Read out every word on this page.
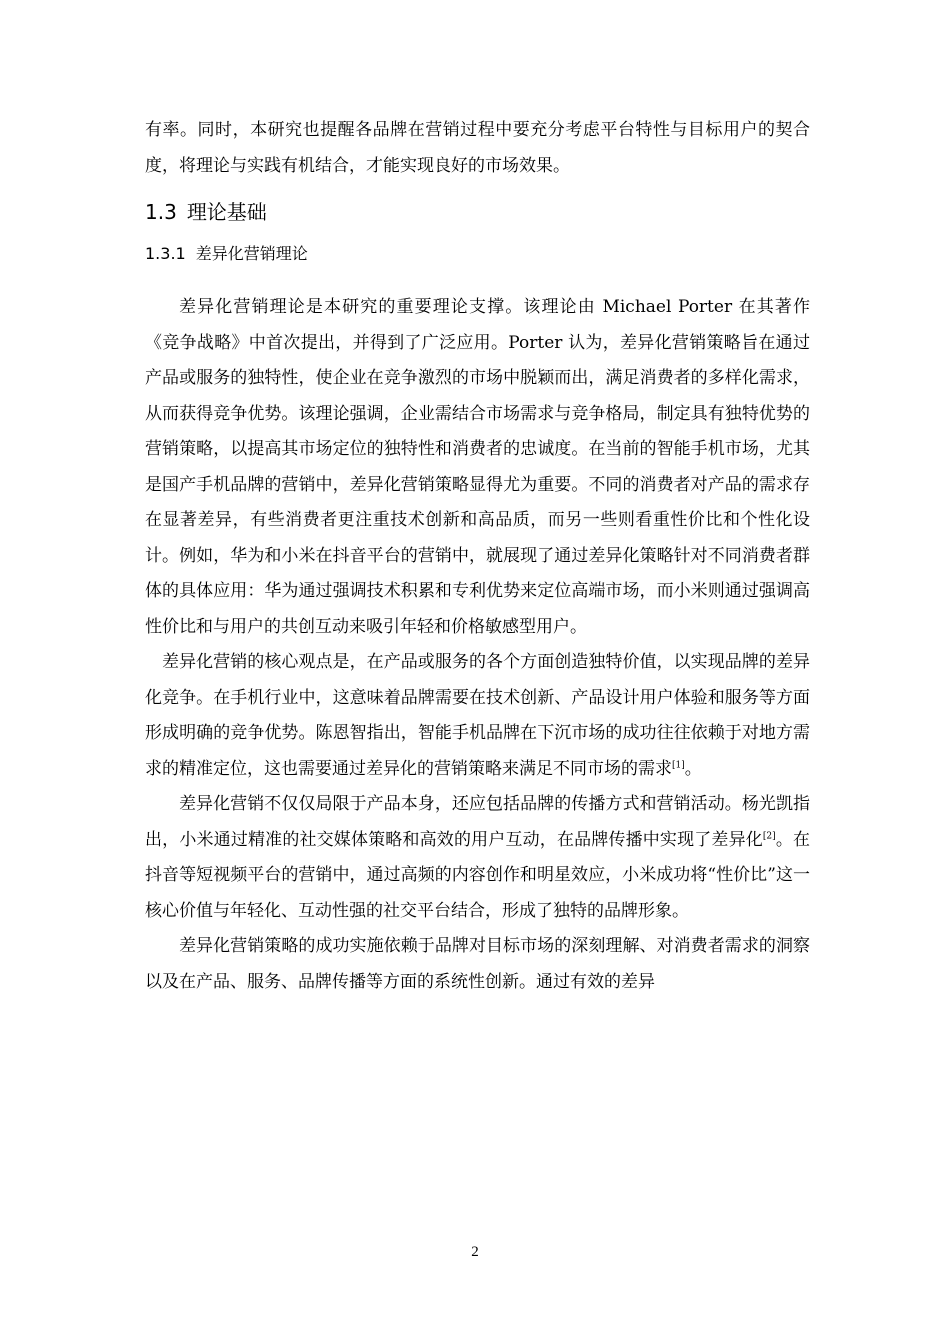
有率。同时，本研究也提醒各品牌在营销过程中要充分考虑平台特性与目标用户的契合度，将理论与实践有机结合，才能实现良好的市场效果。

1.3 理论基础
1.3.1 差异化营销理论

差异化营销理论是本研究的重要理论支撑。该理论由 Michael Porter 在其著作《竞争战略》中首次提出，并得到了广泛应用。Porter 认为，差异化营销策略旨在通过产品或服务的独特性，使企业在竞争激烈的市场中脱颖而出，满足消费者的多样化需求，从而获得竞争优势。该理论强调，企业需结合市场需求与竞争格局，制定具有独特优势的营销策略，以提高其市场定位的独特性和消费者的忠诚度。在当前的智能手机市场，尤其是国产手机品牌的营销中，差异化营销策略显得尤为重要。不同的消费者对产品的需求存在显著差异，有些消费者更注重技术创新和高品质，而另一些则看重性价比和个性化设计。例如，华为和小米在抖音平台的营销中，就展现了通过差异化策略针对不同消费者群体的具体应用：华为通过强调技术积累和专利优势来定位高端市场，而小米则通过强调高性价比和与用户的共创互动来吸引年轻和价格敏感型用户。

差异化营销的核心观点是，在产品或服务的各个方面创造独特价值，以实现品牌的差异化竞争。在手机行业中，这意味着品牌需要在技术创新、产品设计用户体验和服务等方面形成明确的竞争优势。陈恩智指出，智能手机品牌在下沉市场的成功往往依赖于对地方需求的精准定位，这也需要通过差异化的营销策略来满足不同市场的需求[1]。

差异化营销不仅仅局限于产品本身，还应包括品牌的传播方式和营销活动。杨光凯指出，小米通过精准的社交媒体策略和高效的用户互动，在品牌传播中实现了差异化[2]。在抖音等短视频平台的营销中，通过高频的内容创作和明星效应，小米成功将“性价比”这一核心价值与年轻化、互动性强的社交平台结合，形成了独特的品牌形象。

差异化营销策略的成功实施依赖于品牌对目标市场的深刻理解、对消费者需求的洞察以及在产品、服务、品牌传播等方面的系统性创新。通过有效的差异

2
